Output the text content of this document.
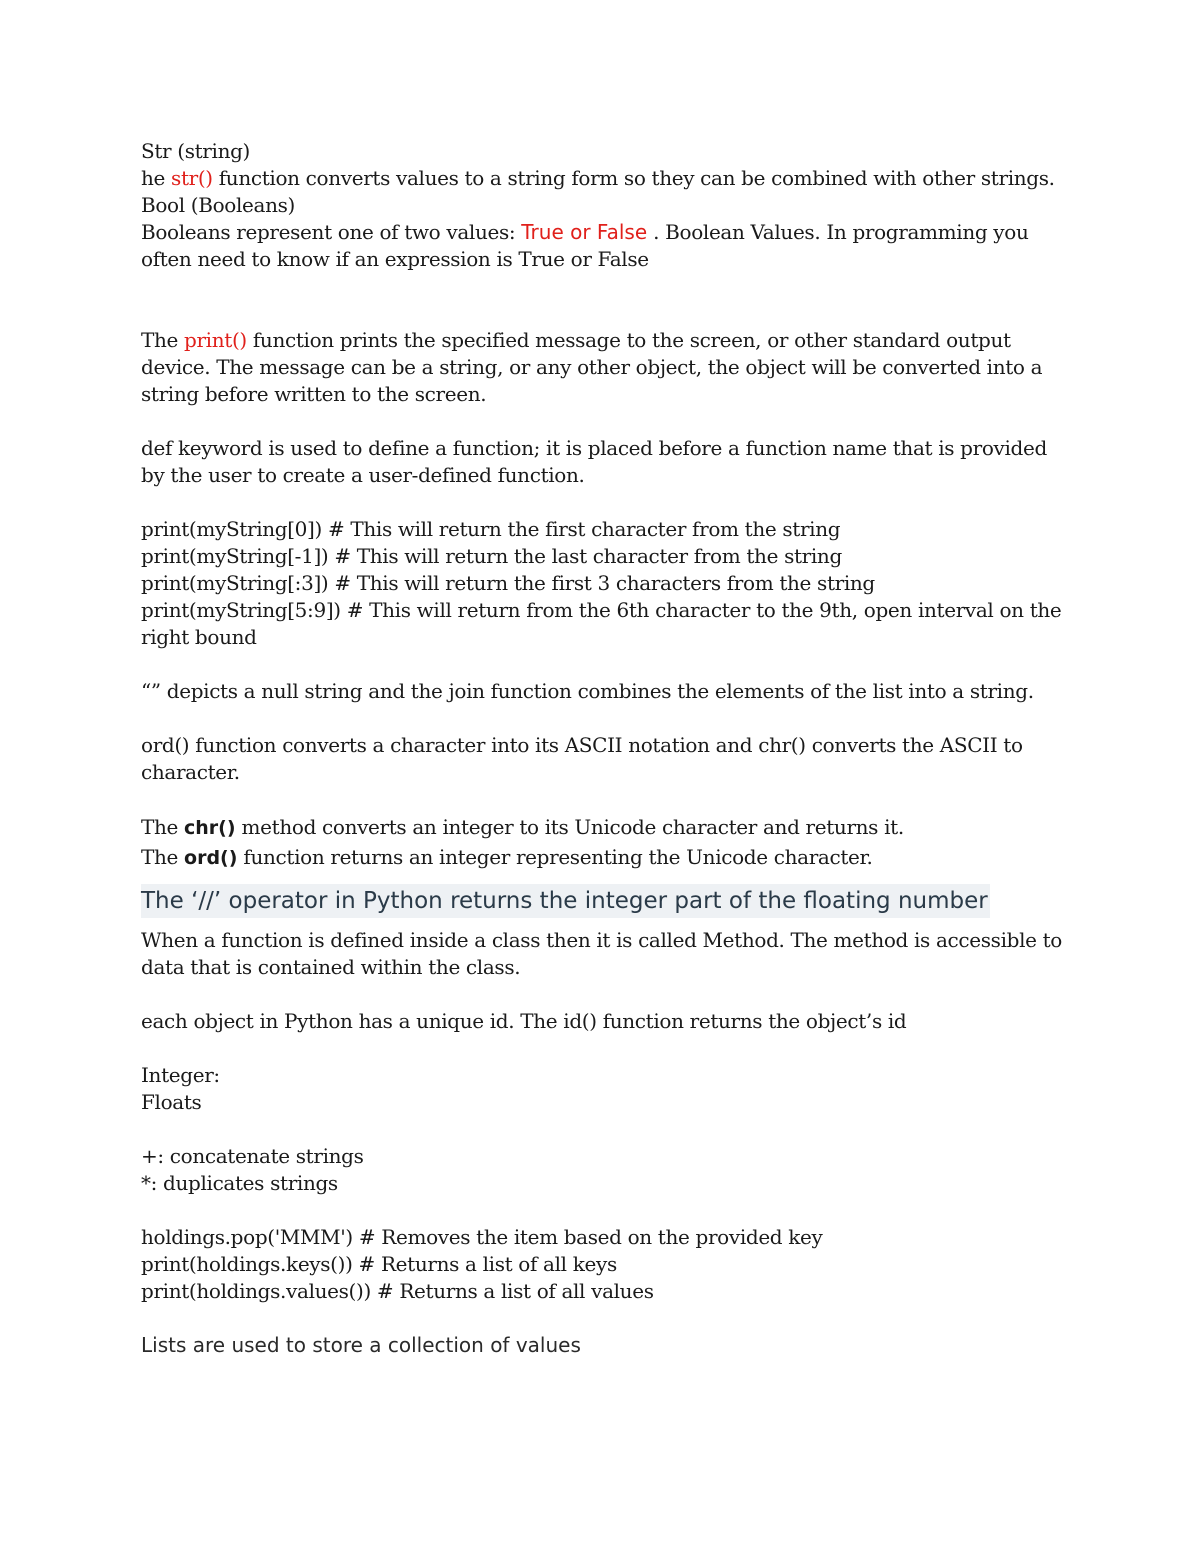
Str (string)

he str() function converts values to a string form so they can be combined with other strings.

Bool (Booleans)

Booleans represent one of two values: True or False . Boolean Values. In programming you often need to know if an expression is True or False

The print() function prints the specified message to the screen, or other standard output device. The message can be a string, or any other object, the object will be converted into a string before written to the screen.

def keyword is used to define a function; it is placed before a function name that is provided by the user to create a user-defined function.

print(myString[0]) # This will return the first character from the string

print(myString[-1]) # This will return the last character from the string

print(myString[:3]) # This will return the first 3 characters from the string

print(myString[5:9]) # This will return from the 6th character to the 9th, open interval on the right bound

“” depicts a null string and the join function combines the elements of the list into a string.

ord() function converts a character into its ASCII notation and chr() converts the ASCII to character.

The chr() method converts an integer to its Unicode character and returns it.

The ord() function returns an integer representing the Unicode character.

The ‘//’ operator in Python returns the integer part of the floating number

When a function is defined inside a class then it is called Method. The method is accessible to data that is contained within the class.

each object in Python has a unique id. The id() function returns the object’s id

Integer:

Floats

+: concatenate strings

*: duplicates strings

holdings.pop('MMM') # Removes the item based on the provided key

print(holdings.keys()) # Returns a list of all keys

print(holdings.values()) # Returns a list of all values

Lists are used to store a collection of values
